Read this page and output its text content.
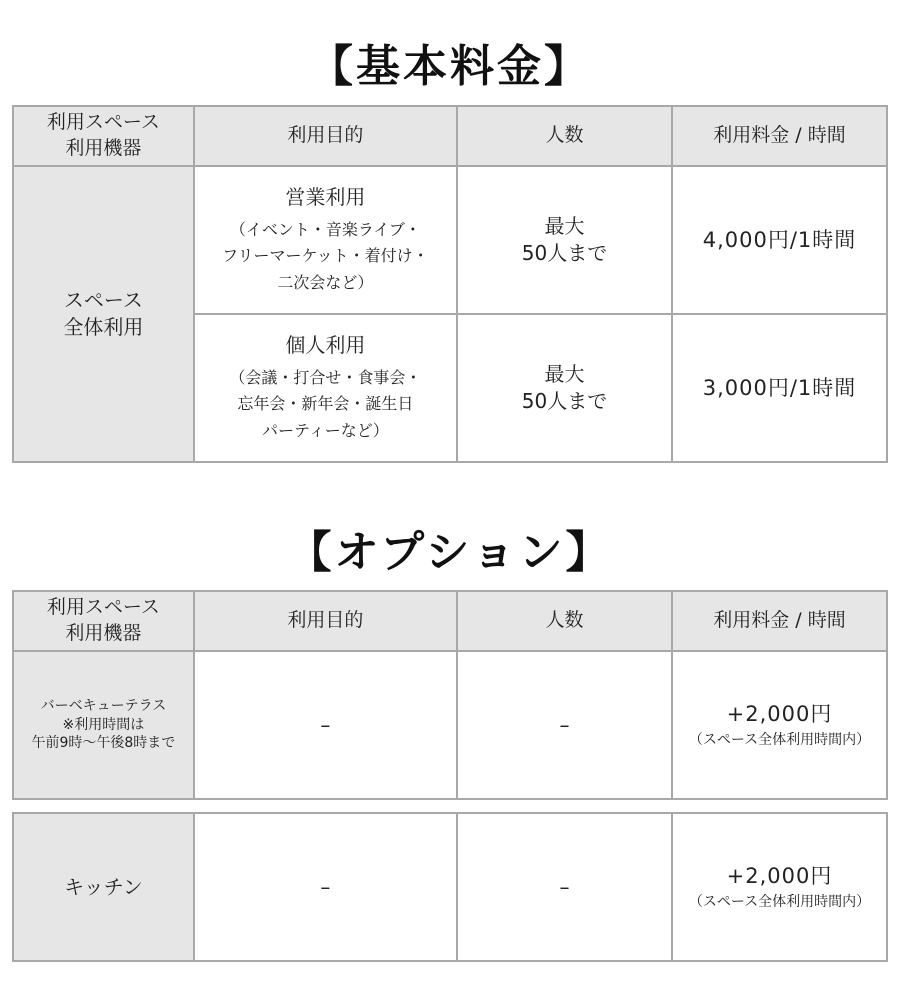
【基本料金】
利用スペース
利用機器	利用目的	人数	利用料金 / 時間
スペース
全体利用	営業利用
（イベント・音楽ライブ・
フリーマーケット・着付け・
二次会など）	最大
50人まで	4,000円/1時間

	個人利用
（会議・打合せ・食事会・
忘年会・新年会・誕生日
パーティーなど）	最大
50人まで	3,000円/1時間
【オプション】
利用スペース
利用機器	利用目的	人数	利用料金 / 時間
バーベキューテラス
※利用時間は
午前9時〜午後8時まで	–	–	+2,000円
（スペース全体利用時間内）
キッチン	–	–	+2,000円
（スペース全体利用時間内）
